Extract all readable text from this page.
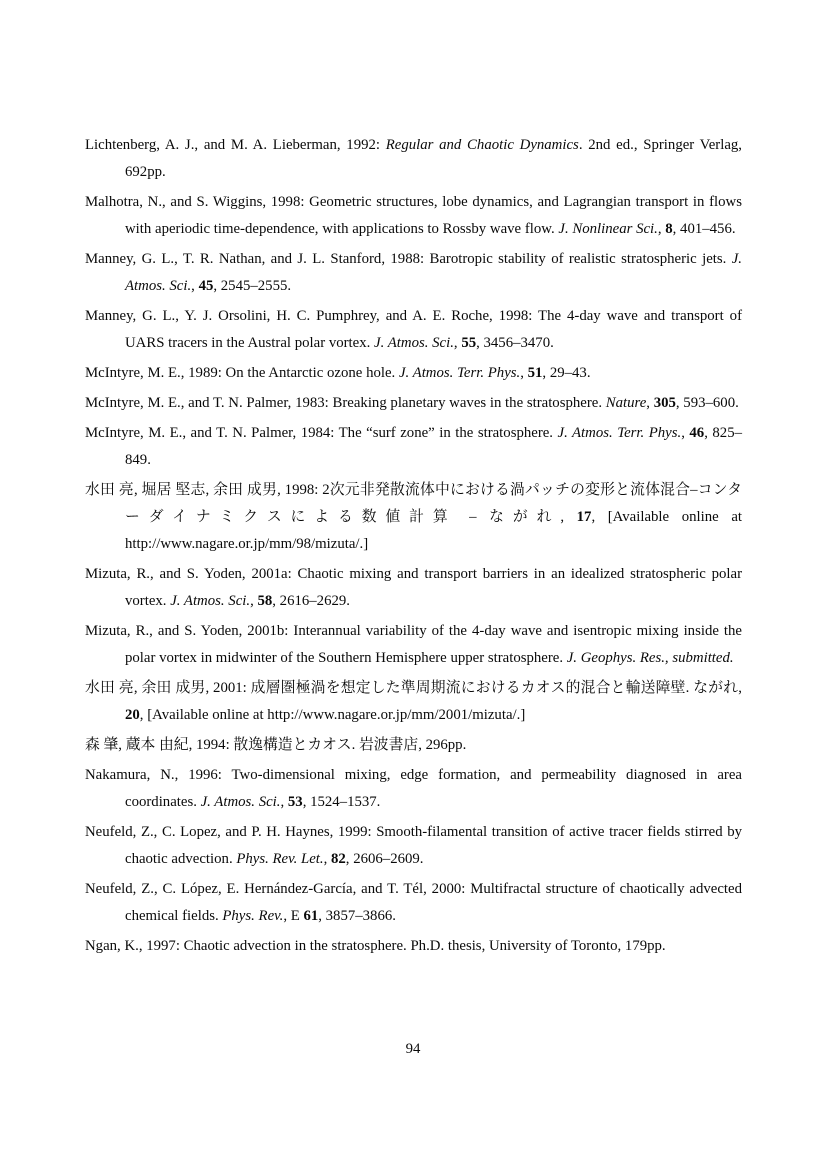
Lichtenberg, A. J., and M. A. Lieberman, 1992: Regular and Chaotic Dynamics. 2nd ed., Springer Verlag, 692pp.

Malhotra, N., and S. Wiggins, 1998: Geometric structures, lobe dynamics, and Lagrangian transport in flows with aperiodic time-dependence, with applications to Rossby wave flow. J. Nonlinear Sci., 8, 401–456.

Manney, G. L., T. R. Nathan, and J. L. Stanford, 1988: Barotropic stability of realistic stratospheric jets. J. Atmos. Sci., 45, 2545–2555.

Manney, G. L., Y. J. Orsolini, H. C. Pumphrey, and A. E. Roche, 1998: The 4-day wave and transport of UARS tracers in the Austral polar vortex. J. Atmos. Sci., 55, 3456–3470.

McIntyre, M. E., 1989: On the Antarctic ozone hole. J. Atmos. Terr. Phys., 51, 29–43.

McIntyre, M. E., and T. N. Palmer, 1983: Breaking planetary waves in the stratosphere. Nature, 305, 593–600.

McIntyre, M. E., and T. N. Palmer, 1984: The “surf zone” in the stratosphere. J. Atmos. Terr. Phys., 46, 825–849.

水田 亮, 堀居 堅志, 余田 成男, 1998: 2次元非発散流体中における渦パッチの変形と流体混合–コンターダイナミクスによる数値計算 – ながれ, 17, [Available online at http://www.nagare.or.jp/mm/98/mizuta/.]

Mizuta, R., and S. Yoden, 2001a: Chaotic mixing and transport barriers in an idealized stratospheric polar vortex. J. Atmos. Sci., 58, 2616–2629.

Mizuta, R., and S. Yoden, 2001b: Interannual variability of the 4-day wave and isentropic mixing inside the polar vortex in midwinter of the Southern Hemisphere upper stratosphere. J. Geophys. Res., submitted.

水田 亮, 余田 成男, 2001: 成層圏極渦を想定した準周期流におけるカオス的混合と輸送障壁. ながれ, 20, [Available online at http://www.nagare.or.jp/mm/2001/mizuta/.]

森 肇, 蔵本 由紀, 1994: 散逸構造とカオス. 岩波書店, 296pp.

Nakamura, N., 1996: Two-dimensional mixing, edge formation, and permeability diagnosed in area coordinates. J. Atmos. Sci., 53, 1524–1537.

Neufeld, Z., C. Lopez, and P. H. Haynes, 1999: Smooth-filamental transition of active tracer fields stirred by chaotic advection. Phys. Rev. Let., 82, 2606–2609.

Neufeld, Z., C. López, E. Hernández-García, and T. Tél, 2000: Multifractal structure of chaotically advected chemical fields. Phys. Rev., E 61, 3857–3866.

Ngan, K., 1997: Chaotic advection in the stratosphere. Ph.D. thesis, University of Toronto, 179pp.

94
